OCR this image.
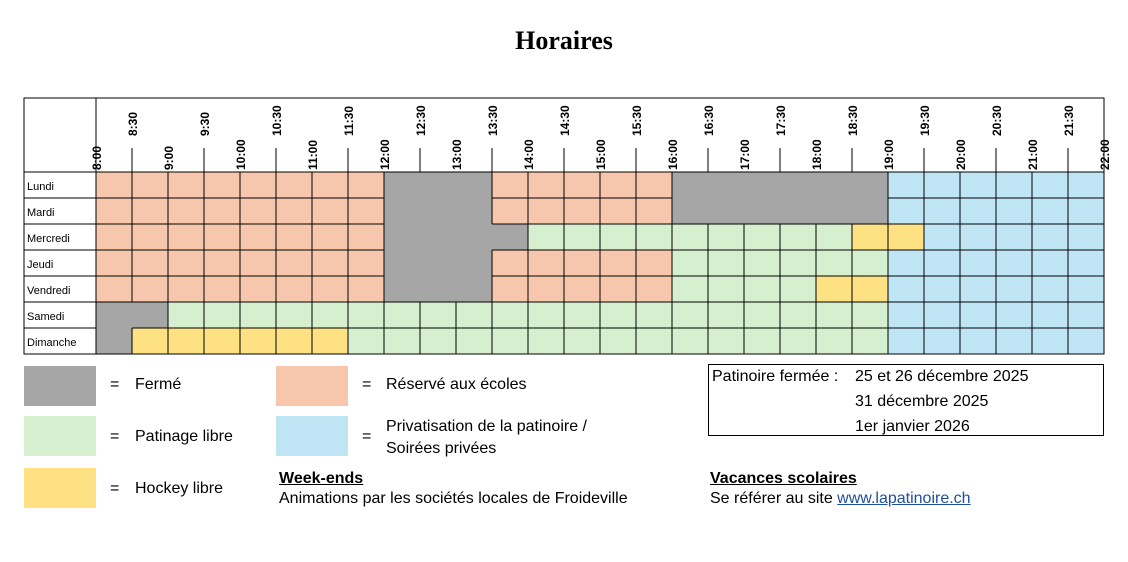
Horaires
8:00
8:30
9:00
9:30
10:00
10:30
11:00
11:30
12:00
12:30
13:00
13:30
14:00
14:30
15:00
15:30
16:00
16:30
17:00
17:30
18:00
18:30
19:00
19:30
20:00
20:30
21:00
21:30
22:00
Lundi
Mardi
Mercredi
Jeudi
Vendredi
Samedi
Dimanche
= Fermé	= Réservé aux écoles
= Patinage libre	=
Privatisation de la patinoire /
Soirées privées
= Hockey libre
Patinoire fermée : 25 et 26 décembre 2025
31 décembre 2025
1er janvier 2026
Week-ends
Animations par les sociétés locales de Froideville
Vacances scolaires
Se référer au site www.lapatinoire.ch
